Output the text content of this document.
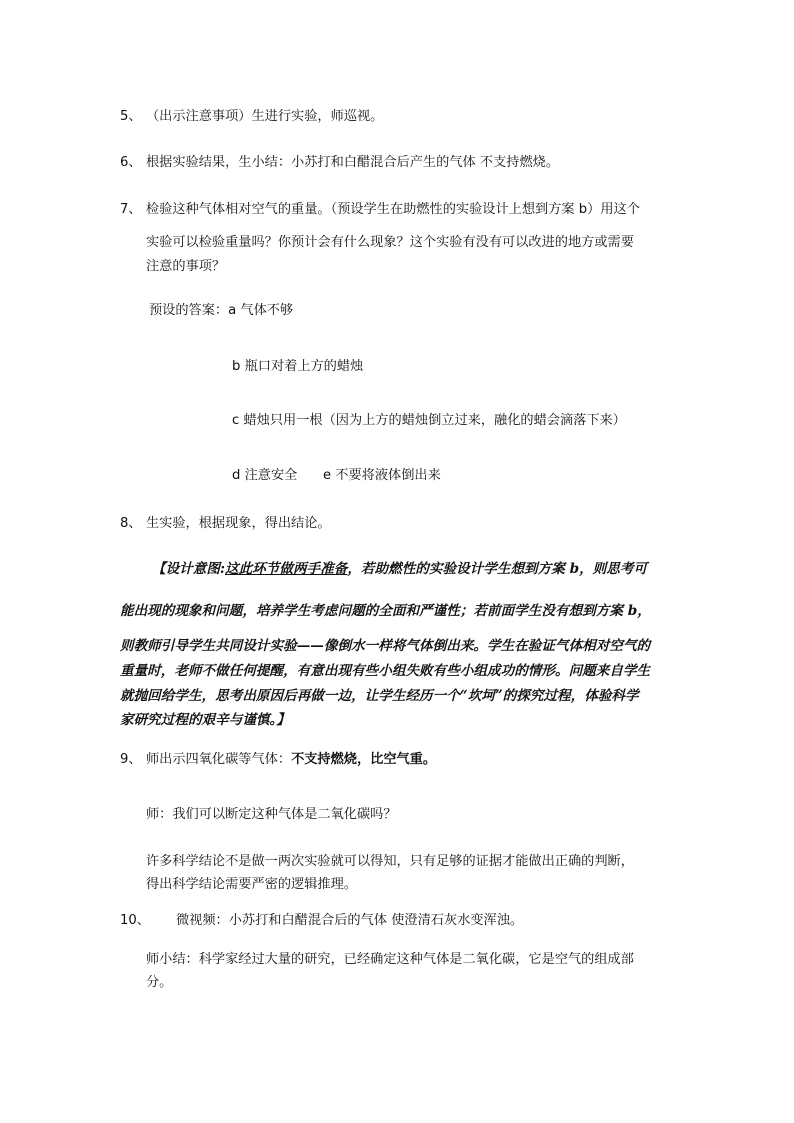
5、 （出示注意事项）生进行实验，师巡视。
6、 根据实验结果，生小结：小苏打和白醋混合后产生的气体 不支持燃烧。
7、 检验这种气体相对空气的重量。（预设学生在助燃性的实验设计上想到方案 b）用这个
实验可以检验重量吗？你预计会有什么现象？这个实验有没有可以改进的地方或需要
注意的事项？
预设的答案：a 气体不够
b 瓶口对着上方的蜡烛
c 蜡烛只用一根（因为上方的蜡烛倒立过来，融化的蜡会滴落下来）
d 注意安全 e 不要将液体倒出来
8、 生实验，根据现象，得出结论。
【设计意图:这此环节做两手准备，若助燃性的实验设计学生想到方案 b，则思考可
能出现的现象和问题，培养学生考虑问题的全面和严谨性；若前面学生没有想到方案 b，
则教师引导学生共同设计实验——像倒水一样将气体倒出来。学生在验证气体相对空气的
重量时，老师不做任何提醒，有意出现有些小组失败有些小组成功的情形。问题来自学生
就抛回给学生，思考出原因后再做一边，让学生经历一个“坎坷”的探究过程，体验科学
家研究过程的艰辛与谨慎。】
9、 师出示四氧化碳等气体：不支持燃烧，比空气重。
师：我们可以断定这种气体是二氧化碳吗？
许多科学结论不是做一两次实验就可以得知，只有足够的证据才能做出正确的判断，
得出科学结论需要严密的逻辑推理。
10、 微视频：小苏打和白醋混合后的气体 使澄清石灰水变浑浊。
师小结：科学家经过大量的研究，已经确定这种气体是二氧化碳，它是空气的组成部
分。
